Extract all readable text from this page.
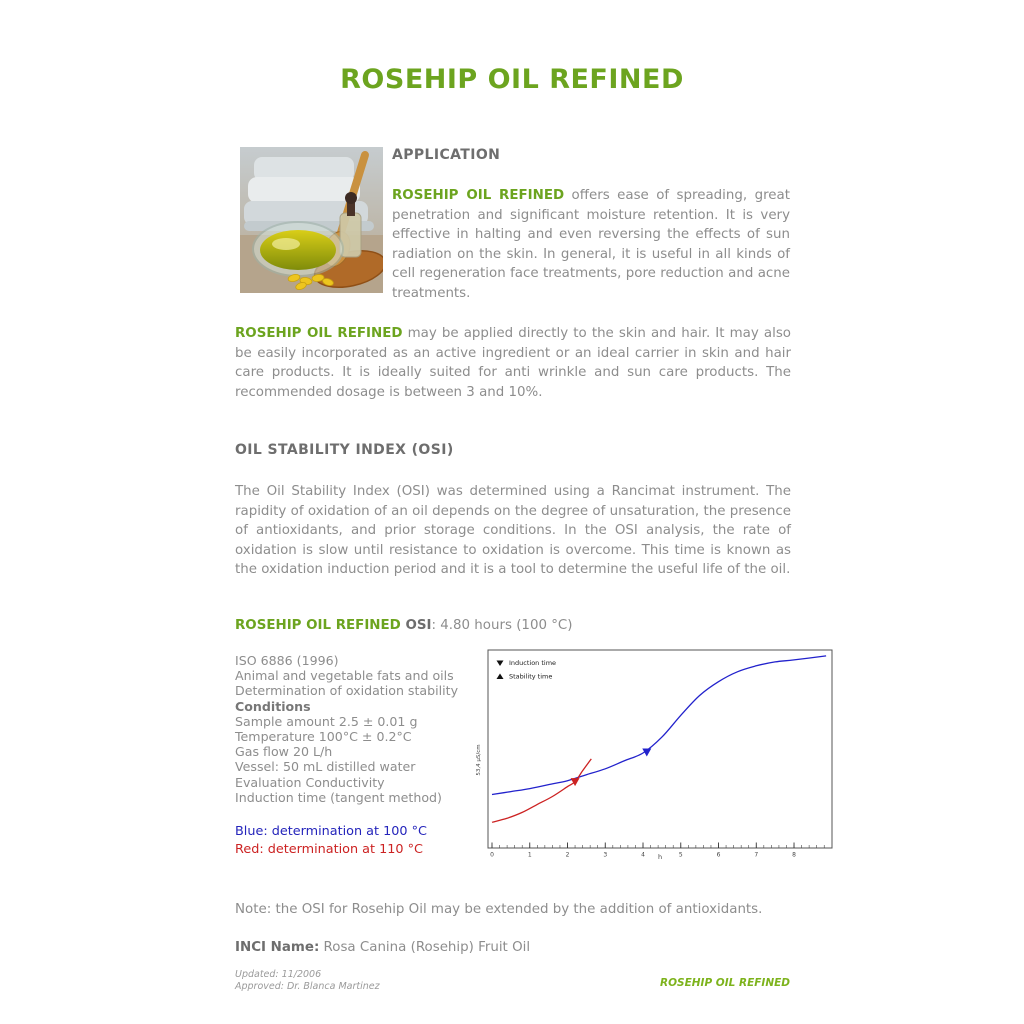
ROSEHIP OIL REFINED
APPLICATION
ROSEHIP OIL REFINED offers ease of spreading, great penetration and significant moisture retention. It is very effective in halting and even reversing the effects of sun radiation on the skin. In general, it is useful in all kinds of cell regeneration face treatments, pore reduction and acne treatments.
ROSEHIP OIL REFINED may be applied directly to the skin and hair. It may also be easily incorporated as an active ingredient or an ideal carrier in skin and hair care products. It is ideally suited for anti wrinkle and sun care products. The recommended dosage is between 3 and 10%.
OIL STABILITY INDEX (OSI)
The Oil Stability Index (OSI) was determined using a Rancimat instrument. The rapidity of oxidation of an oil depends on the degree of unsaturation, the presence of antioxidants, and prior storage conditions. In the OSI analysis, the rate of oxidation is slow until resistance to oxidation is overcome. This time is known as the oxidation induction period and it is a tool to determine the useful life of the oil.
ROSEHIP OIL REFINED OSI: 4.80 hours (100 °C)
ISO 6886 (1996)
Animal and vegetable fats and oils
Determination of oxidation stability
Conditions
Sample amount 2.5 ± 0.01 g
Temperature 100°C ± 0.2°C
Gas flow 20 L/h
Vessel: 50 mL distilled water
Evaluation Conductivity
Induction time (tangent method)
Blue: determination at 100 °C
Red: determination at 110 °C	0	1	2	3	4	5	6	7	8
Induction time
Stability time
53,4 µS/cm
h
Note: the OSI for Rosehip Oil may be extended by the addition of antioxidants.
INCI Name: Rosa Canina (Rosehip) Fruit Oil
Updated: 11/2006
Approved: Dr. Blanca Martinez	ROSEHIP OIL REFINED
